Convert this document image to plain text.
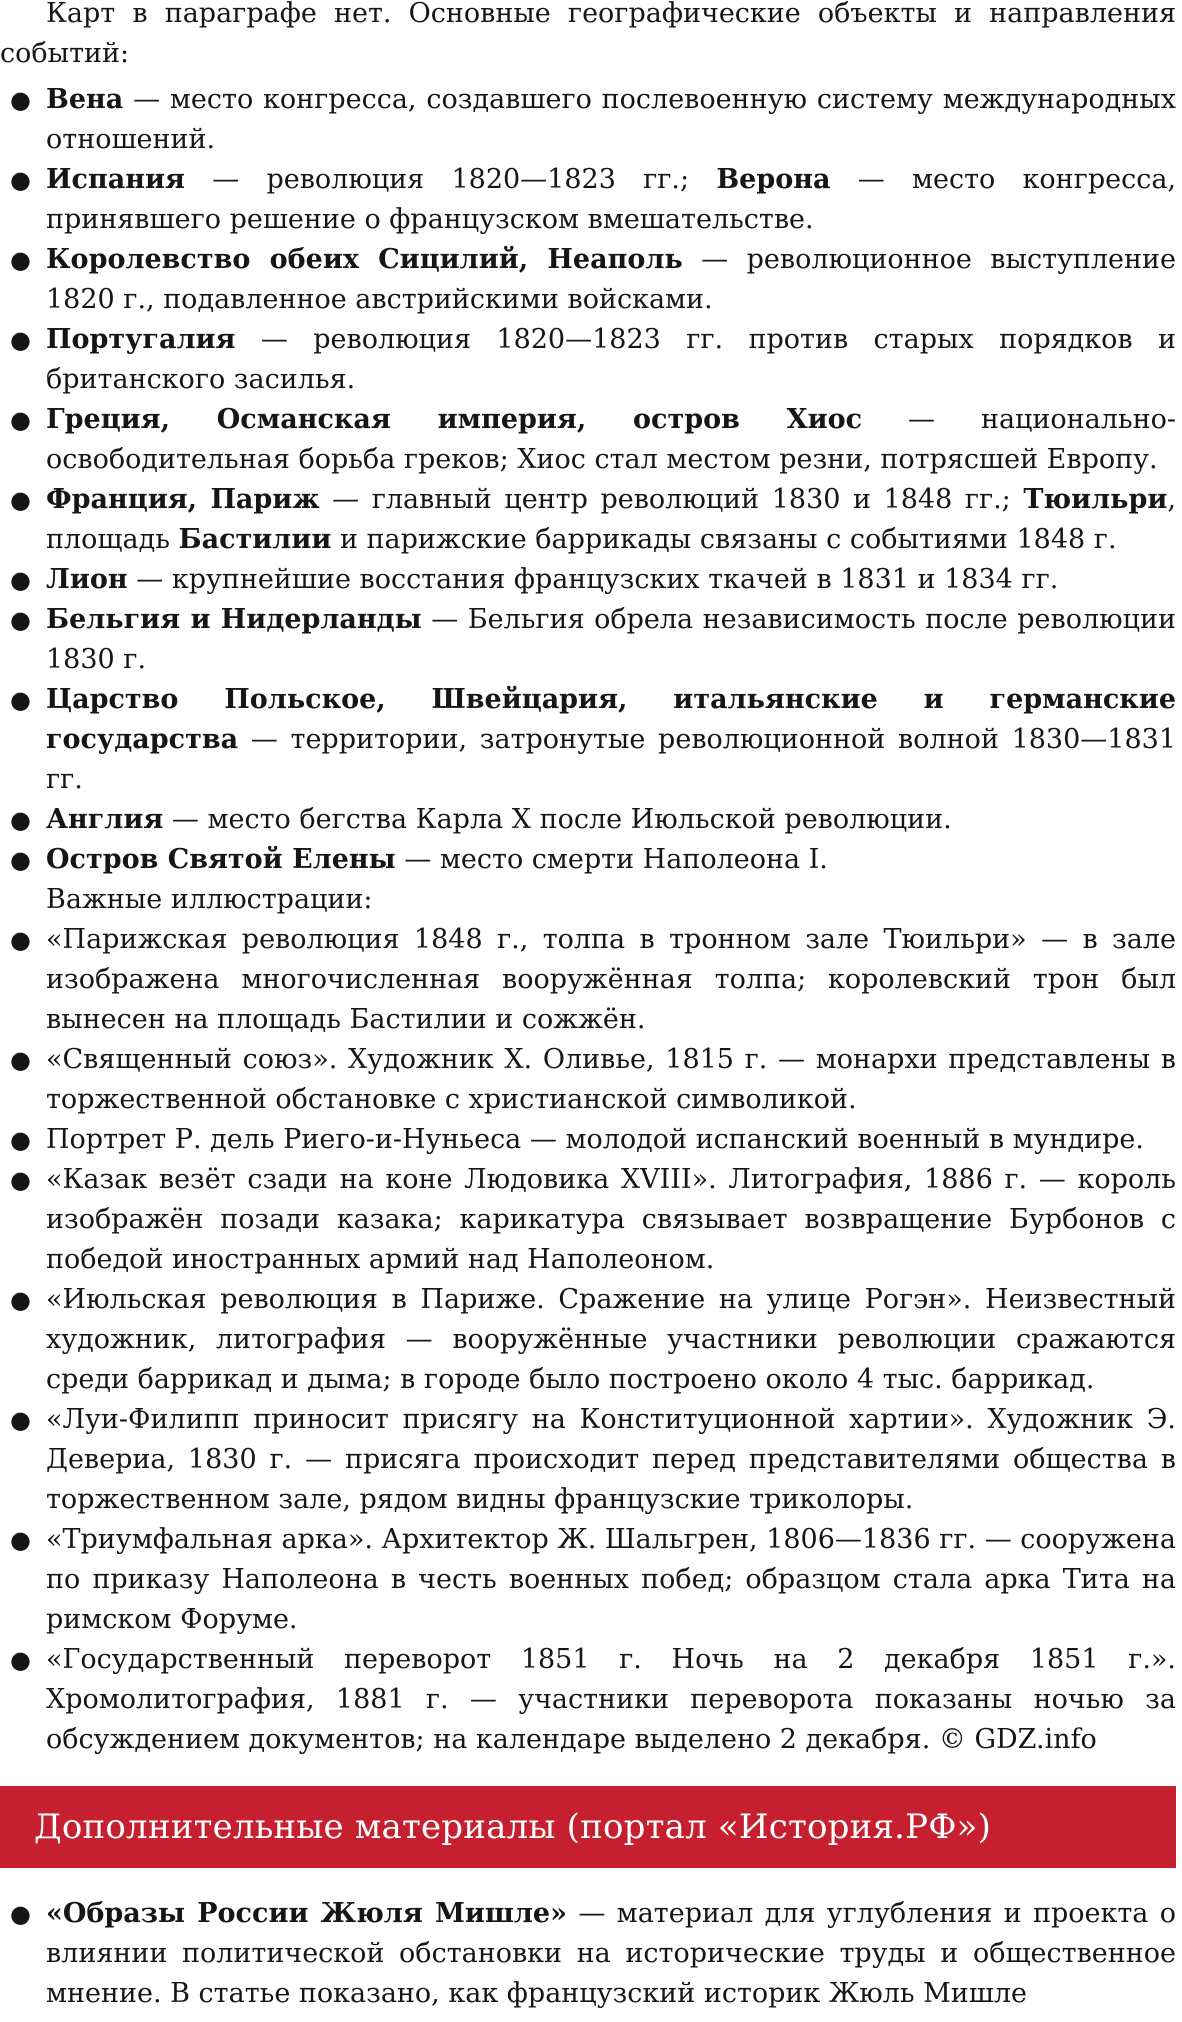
Карт в параграфе нет. Основные географические объекты и направления событий:

● Вена — место конгресса, создавшего послевоенную систему международных отношений.
● Испания — революция 1820—1823 гг.; Верона — место конгресса, принявшего решение о французском вмешательстве.
● Королевство обеих Сицилий, Неаполь — революционное выступление 1820 г., подавленное австрийскими войсками.
● Португалия — революция 1820—1823 гг. против старых порядков и британского засилья.
● Греция, Османская империя, остров Хиос — национально-освободительная борьба греков; Хиос стал местом резни, потрясшей Европу.
● Франция, Париж — главный центр революций 1830 и 1848 гг.; Тюильри, площадь Бастилии и парижские баррикады связаны с событиями 1848 г.
● Лион — крупнейшие восстания французских ткачей в 1831 и 1834 гг.
● Бельгия и Нидерланды — Бельгия обрела независимость после революции 1830 г.
● Царство Польское, Швейцария, итальянские и германские государства — территории, затронутые революционной волной 1830—1831 гг.
● Англия — место бегства Карла X после Июльской революции.
● Остров Святой Елены — место смерти Наполеона I.

Важные иллюстрации:

● «Парижская революция 1848 г., толпа в тронном зале Тюильри» — в зале изображена многочисленная вооружённая толпа; королевский трон был вынесен на площадь Бастилии и сожжён.
● «Священный союз». Художник Х. Оливье, 1815 г. — монархи представлены в торжественной обстановке с христианской символикой.
● Портрет Р. дель Риего-и-Нуньеса — молодой испанский военный в мундире.
● «Казак везёт сзади на коне Людовика XVIII». Литография, 1886 г. — король изображён позади казака; карикатура связывает возвращение Бурбонов с победой иностранных армий над Наполеоном.
● «Июльская революция в Париже. Сражение на улице Рогэн». Неизвестный художник, литография — вооружённые участники революции сражаются среди баррикад и дыма; в городе было построено около 4 тыс. баррикад.
● «Луи-Филипп приносит присягу на Конституционной хартии». Художник Э. Девериа, 1830 г. — присяга происходит перед представителями общества в торжественном зале, рядом видны французские триколоры.
● «Триумфальная арка». Архитектор Ж. Шальгрен, 1806—1836 гг. — сооружена по приказу Наполеона в честь военных побед; образцом стала арка Тита на римском Форуме.
● «Государственный переворот 1851 г. Ночь на 2 декабря 1851 г.». Хромолитография, 1881 г. — участники переворота показаны ночью за обсуждением документов; на календаре выделено 2 декабря. © GDZ.info
Дополнительные материалы (портал «История.РФ»)
● «Образы России Жюля Мишле» — материал для углубления и проекта о влиянии политической обстановки на исторические труды и общественное мнение. В статье показано, как французский историк Жюль Мишле
